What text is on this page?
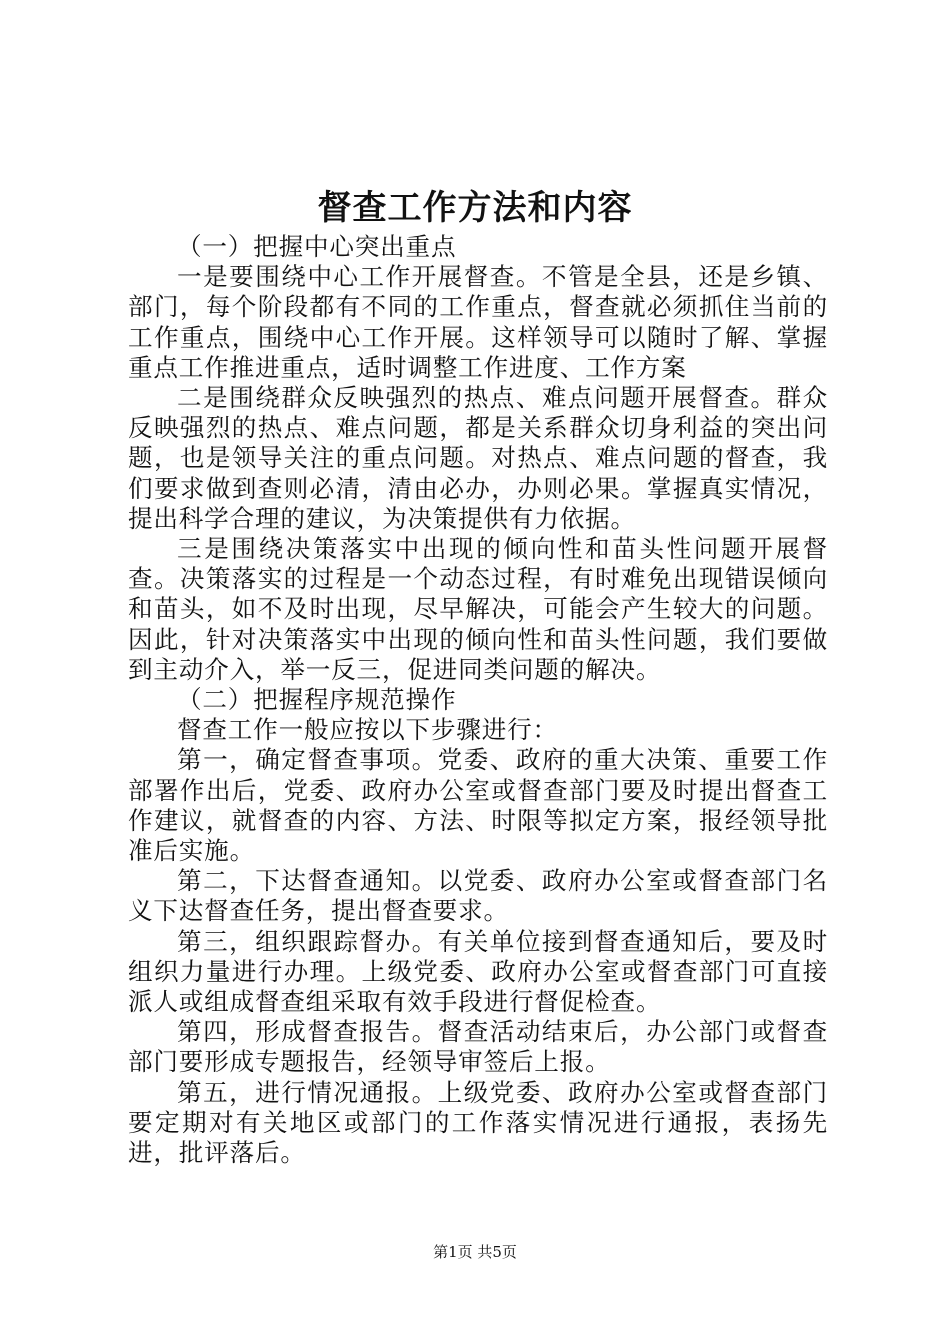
督查工作方法和内容

（一）把握中心突出重点

一是要围绕中心工作开展督查。不管是全县，还是乡镇、部门，每个阶段都有不同的工作重点，督查就必须抓住当前的工作重点，围绕中心工作开展。这样领导可以随时了解、掌握重点工作推进重点，适时调整工作进度、工作方案

二是围绕群众反映强烈的热点、难点问题开展督查。群众反映强烈的热点、难点问题，都是关系群众切身利益的突出问题，也是领导关注的重点问题。对热点、难点问题的督查，我们要求做到查则必清，清由必办，办则必果。掌握真实情况，提出科学合理的建议，为决策提供有力依据。

三是围绕决策落实中出现的倾向性和苗头性问题开展督查。决策落实的过程是一个动态过程，有时难免出现错误倾向和苗头，如不及时出现，尽早解决，可能会产生较大的问题。因此，针对决策落实中出现的倾向性和苗头性问题，我们要做到主动介入，举一反三，促进同类问题的解决。

（二）把握程序规范操作

督查工作一般应按以下步骤进行：

第一，确定督查事项。党委、政府的重大决策、重要工作部署作出后，党委、政府办公室或督查部门要及时提出督查工作建议，就督查的内容、方法、时限等拟定方案，报经领导批准后实施。

第二，下达督查通知。以党委、政府办公室或督查部门名义下达督查任务，提出督查要求。

第三，组织跟踪督办。有关单位接到督查通知后，要及时组织力量进行办理。上级党委、政府办公室或督查部门可直接派人或组成督查组采取有效手段进行督促检查。

第四，形成督查报告。督查活动结束后，办公部门或督查部门要形成专题报告，经领导审签后上报。

第五，进行情况通报。上级党委、政府办公室或督查部门要定期对有关地区或部门的工作落实情况进行通报，表扬先进，批评落后。

第1页 共5页
